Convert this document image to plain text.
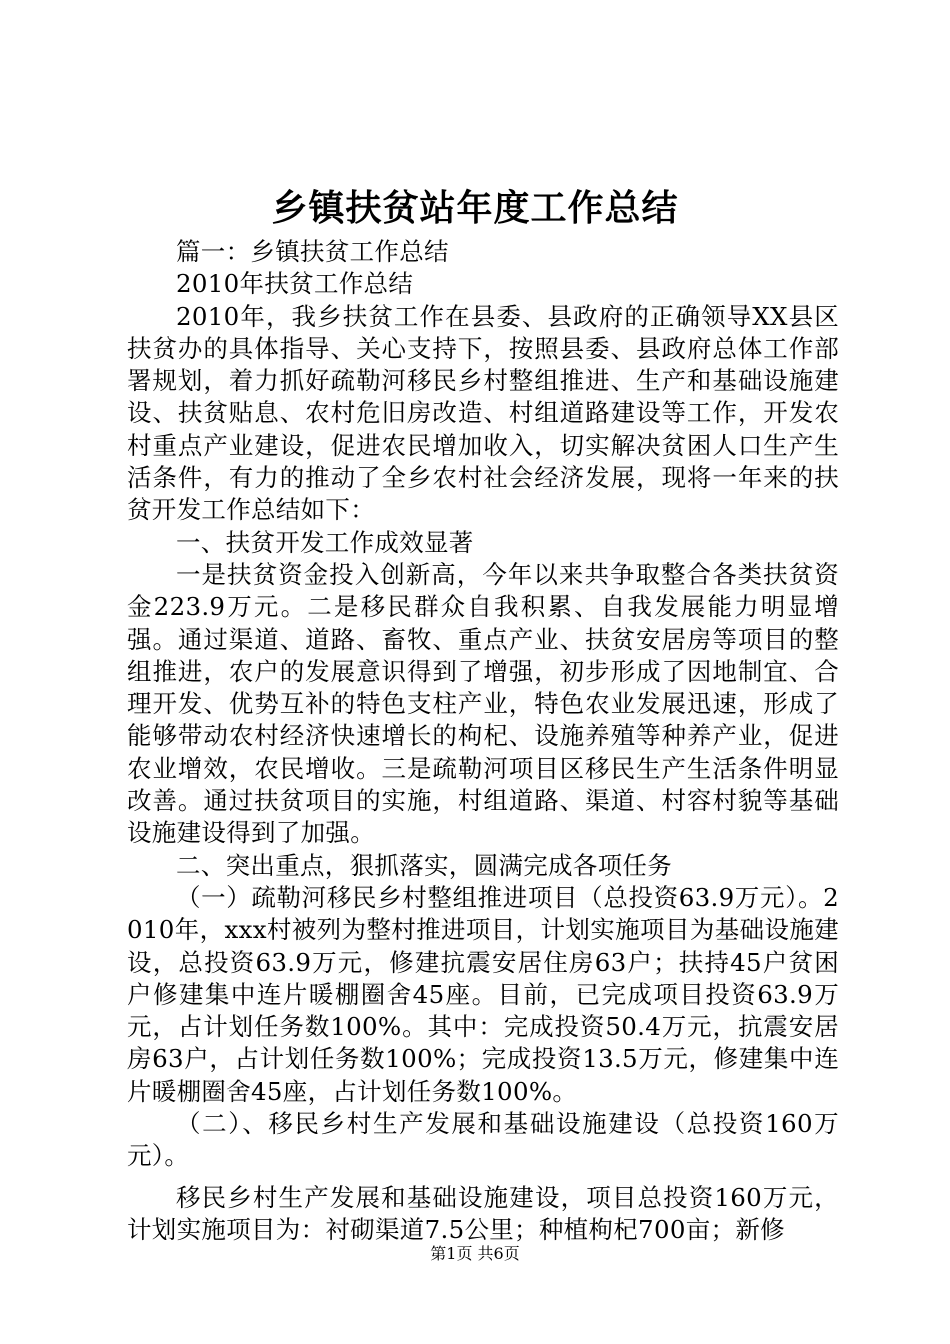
乡镇扶贫站年度工作总结

篇一：乡镇扶贫工作总结

2010年扶贫工作总结

2010年，我乡扶贫工作在县委、县政府的正确领导XX县区扶贫办的具体指导、关心支持下，按照县委、县政府总体工作部署规划，着力抓好疏勒河移民乡村整组推进、生产和基础设施建设、扶贫贴息、农村危旧房改造、村组道路建设等工作，开发农村重点产业建设，促进农民增加收入，切实解决贫困人口生产生活条件，有力的推动了全乡农村社会经济发展，现将一年来的扶贫开发工作总结如下：

一、扶贫开发工作成效显著

一是扶贫资金投入创新高，今年以来共争取整合各类扶贫资金223.9万元。二是移民群众自我积累、自我发展能力明显增强。通过渠道、道路、畜牧、重点产业、扶贫安居房等项目的整组推进，农户的发展意识得到了增强，初步形成了因地制宜、合理开发、优势互补的特色支柱产业，特色农业发展迅速，形成了能够带动农村经济快速增长的枸杞、设施养殖等种养产业，促进农业增效，农民增收。三是疏勒河项目区移民生产生活条件明显改善。通过扶贫项目的实施，村组道路、渠道、村容村貌等基础设施建设得到了加强。

二、突出重点，狠抓落实，圆满完成各项任务

（一）疏勒河移民乡村整组推进项目（总投资63.9万元）。2010年，xxx村被列为整村推进项目，计划实施项目为基础设施建设，总投资63.9万元，修建抗震安居住房63户；扶持45户贫困户修建集中连片暖棚圈舍45座。目前，已完成项目投资63.9万元，占计划任务数100%。其中：完成投资50.4万元，抗震安居房63户，占计划任务数100%；完成投资13.5万元，修建集中连片暖棚圈舍45座，占计划任务数100%。

（二）、移民乡村生产发展和基础设施建设（总投资160万元）。

移民乡村生产发展和基础设施建设，项目总投资160万元，计划实施项目为：衬砌渠道7.5公里；种植枸杞700亩；新修

第1页 共6页
